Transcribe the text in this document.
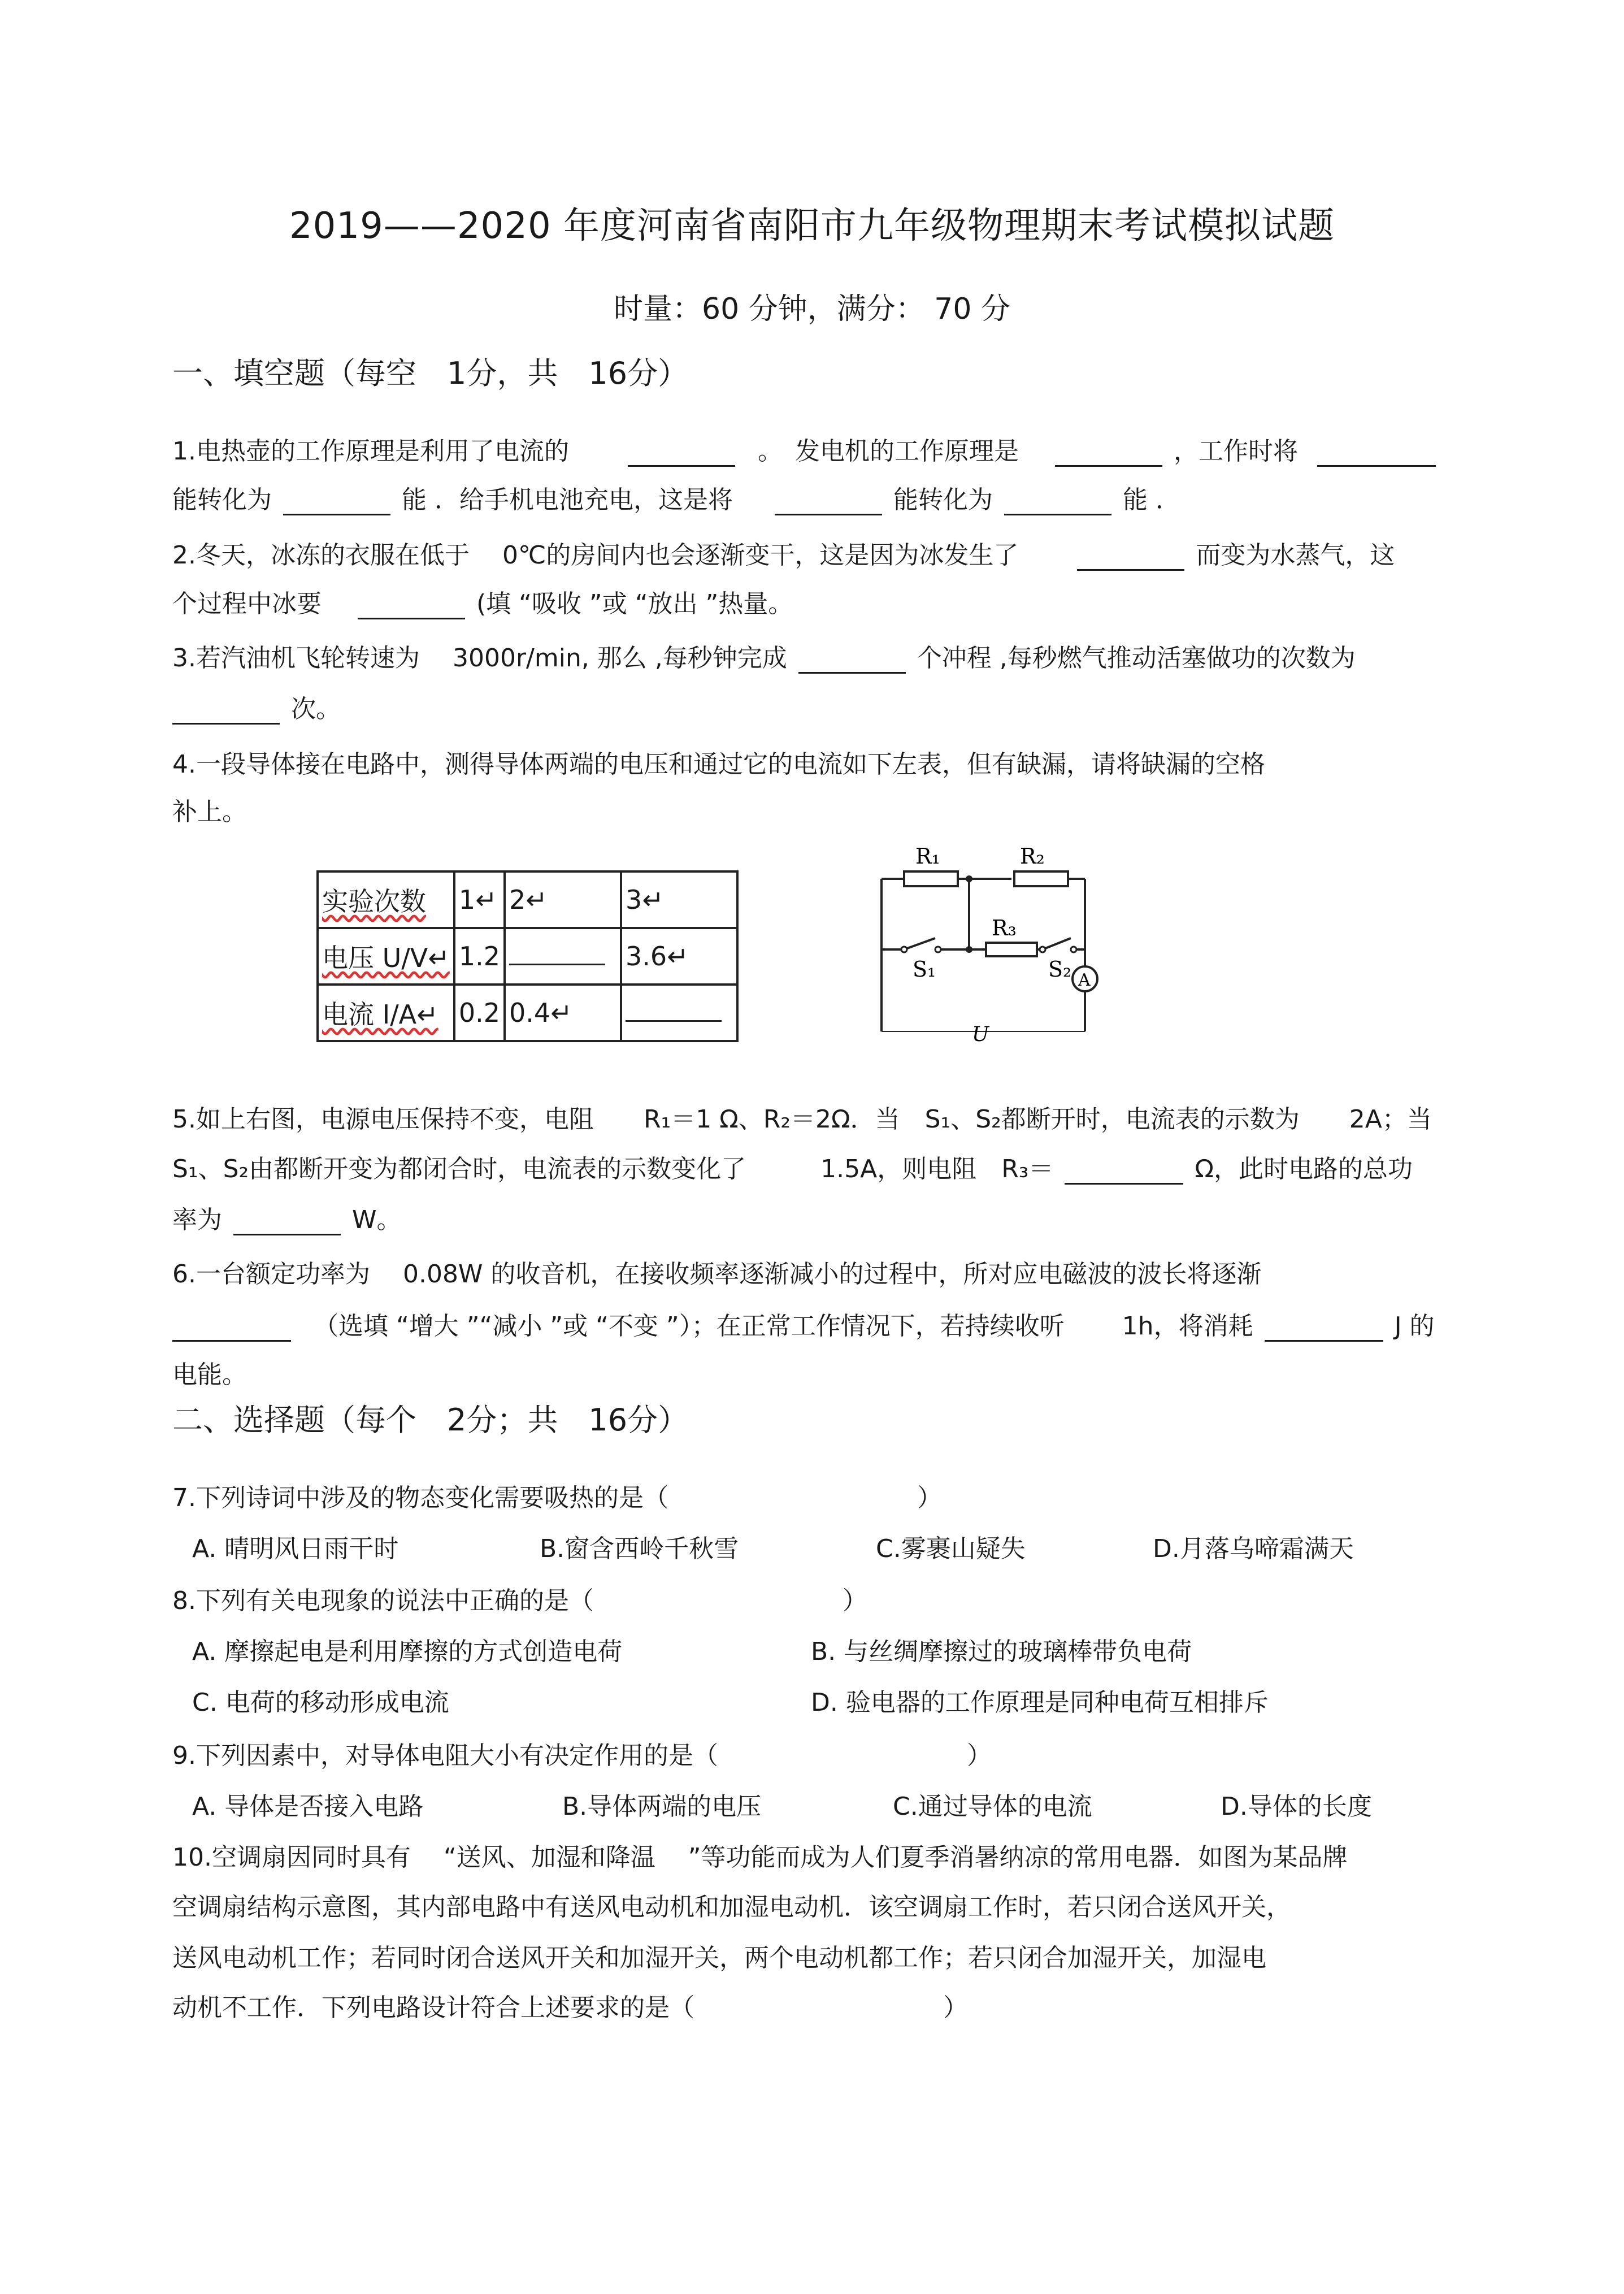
2019——2020 年度河南省南阳市九年级物理期末考试模拟试题
时量：60 分钟，满分： 70 分
一、填空题（每空　1分，共　16分）
1.电热壶的工作原理是利用了电流的	。　发电机的工作原理是	，工作时将
能转化为	能 ．给手机电池充电，这是将	能转化为	能 ．
2.冬天，冰冻的衣服在低于　 0℃的房间内也会逐渐变干，这是因为冰发生了	而变为水蒸气，这
个过程中冰要	(填 “吸收 ”或 “放出 ”热量。
3.若汽油机飞轮转速为　 3000r/min, 那么 ,每秒钟完成	个冲程 ,每秒燃气推动活塞做功的次数为
次。
4.一段导体接在电路中，测得导体两端的电压和通过它的电流如下左表，但有缺漏，请将缺漏的空格
补上。
实验次数	1↵	2↵	3↵
电压 U/V↵	1.2		3.6↵
电流 I/A↵	0.2	0.4↵	
R₁	R₂
R₃
S₁	S₂ A
U
5.如上右图，电源电压保持不变，电阻　　R₁＝1 Ω、R₂＝2Ω．当　S₁、S₂都断开时，电流表的示数为　　2A；当
S₁、S₂由都断开变为都闭合时，电流表的示数变化了　　　1.5A，则电阻　R₃＝	Ω，此时电路的总功
率为	W。
6.一台额定功率为　 0.08W 的收音机，在接收频率逐渐减小的过程中，所对应电磁波的波长将逐渐
（选填 “增大 ”“减小 ”或 “不变 ”）；在正常工作情况下，若持续收听　　 1h，将消耗	J 的
电能。
二、选择题（每个　2分；共　16分）
7.下列诗词中涉及的物态变化需要吸热的是（　　　　　　　　　　）
A. 晴明风日雨干时	B.窗含西岭千秋雪	C.雾裹山疑失	D.月落乌啼霜满天
8.下列有关电现象的说法中正确的是（　　　　　　　　　　）
A. 摩擦起电是利用摩擦的方式创造电荷	B. 与丝绸摩擦过的玻璃棒带负电荷
C. 电荷的移动形成电流	D. 验电器的工作原理是同种电荷互相排斥
9.下列因素中，对导体电阻大小有决定作用的是（　　　　　　　　　　）
A. 导体是否接入电路	B.导体两端的电压	C.通过导体的电流	D.导体的长度
10.空调扇因同时具有　 “送风、加湿和降温　 ”等功能而成为人们夏季消暑纳凉的常用电器．如图为某品牌
空调扇结构示意图，其内部电路中有送风电动机和加湿电动机．该空调扇工作时，若只闭合送风开关，
送风电动机工作；若同时闭合送风开关和加湿开关，两个电动机都工作；若只闭合加湿开关，加湿电
动机不工作．下列电路设计符合上述要求的是（　　　　　　　　　　）
